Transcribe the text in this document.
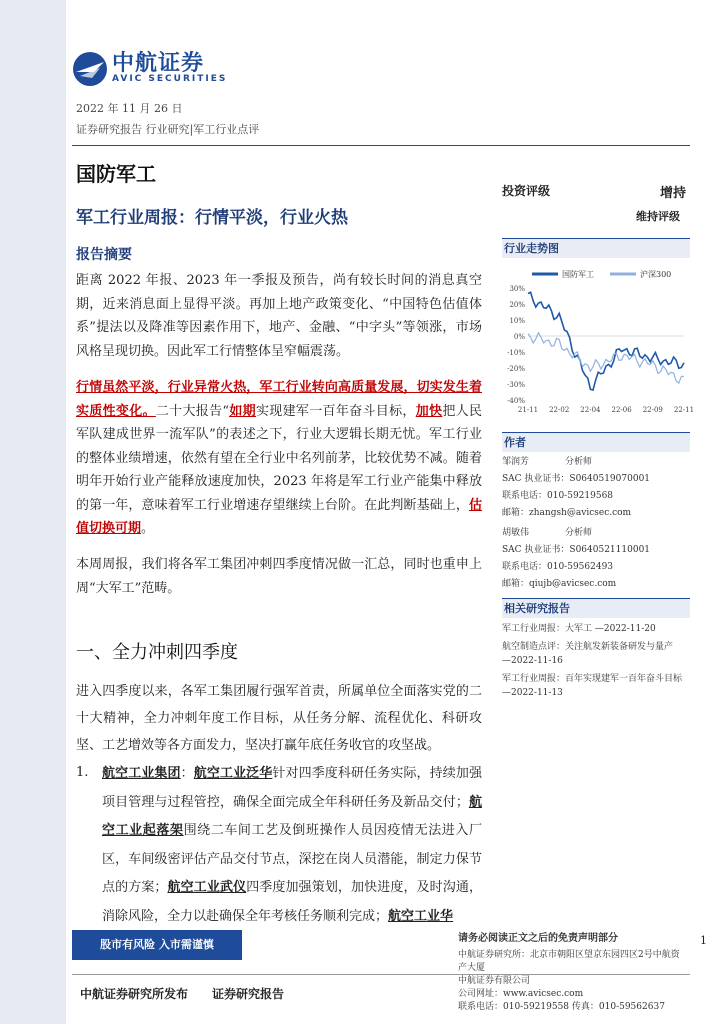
中航证券
AVIC SECURITIES
2022 年 11 月 26 日
证券研究报告 行业研究|军工行业点评
国防军工
军工行业周报：行情平淡，行业火热
报告摘要
距离 2022 年报、2023 年一季报及预告，尚有较长时间的消息真空期，近来消息面上显得平淡。再加上地产政策变化、“中国特色估值体系”提法以及降准等因素作用下，地产、金融、“中字头”等领涨，市场风格呈现切换。因此军工行情整体呈窄幅震荡。
行情虽然平淡，行业异常火热，军工行业转向高质量发展，切实发生着实质性变化。二十大报告“如期实现建军一百年奋斗目标，加快把人民军队建成世界一流军队”的表述之下，行业大逻辑长期无忧。军工行业的整体业绩增速，依然有望在全行业中名列前茅，比较优势不减。随着明年开始行业产能释放速度加快，2023 年将是军工行业产能集中释放的第一年，意味着军工行业增速存望继续上台阶。在此判断基础上，估值切换可期。
本周周报，我们将各军工集团冲刺四季度情况做一汇总，同时也重申上周“大军工”范畴。
一、全力冲刺四季度
进入四季度以来，各军工集团履行强军首责，所属单位全面落实党的二十大精神，全力冲刺年度工作目标，从任务分解、流程优化、科研攻坚、工艺增效等各方面发力，坚决打赢年底任务收官的攻坚战。
1. 航空工业集团：航空工业泛华针对四季度科研任务实际，持续加强项目管理与过程管控，确保全面完成全年科研任务及新品交付；航空工业起落架围绕二车间工艺及倒班操作人员因疫情无法进入厂区，车间级密评估产品交付节点，深挖在岗人员潜能，制定力保节点的方案；航空工业武仪四季度加强策划，加快进度，及时沟通，消除风险，全力以赴确保全年考核任务顺利完成；航空工业华
投资评级	增持
维持评级
行业走势图
国防军工	沪深300
30%
20%
10%
0%
-10%
-20%
-30%
-40%
21-11 22-02 22-04 22-06 22-09 22-11
作者
邹润芳　　　　分析师
SAC 执业证书：S0640519070001
联系电话：010-59219568
邮箱：zhangsh@avicsec.com
胡敏伟　　　　分析师
SAC 执业证书：S0640521110001
联系电话：010-59562493
邮箱：qiujb@avicsec.com
相关研究报告
军工行业周报：大军工 —2022-11-20
航空制造点评：关注航发新装备研发与量产
—2022-11-16
军工行业周报：百年实现建军一百年奋斗目标
—2022-11-13
股市有风险 入市需谨慎	请务必阅读正文之后的免责声明部分
中航证券研究所：北京市朝阳区望京东园四区2号中航资产大厦
中航证券有限公司
公司网址：www.avicsec.com
联系电话：010-59219558 传真：010-59562637
1
中航证券研究所发布　　证券研究报告
